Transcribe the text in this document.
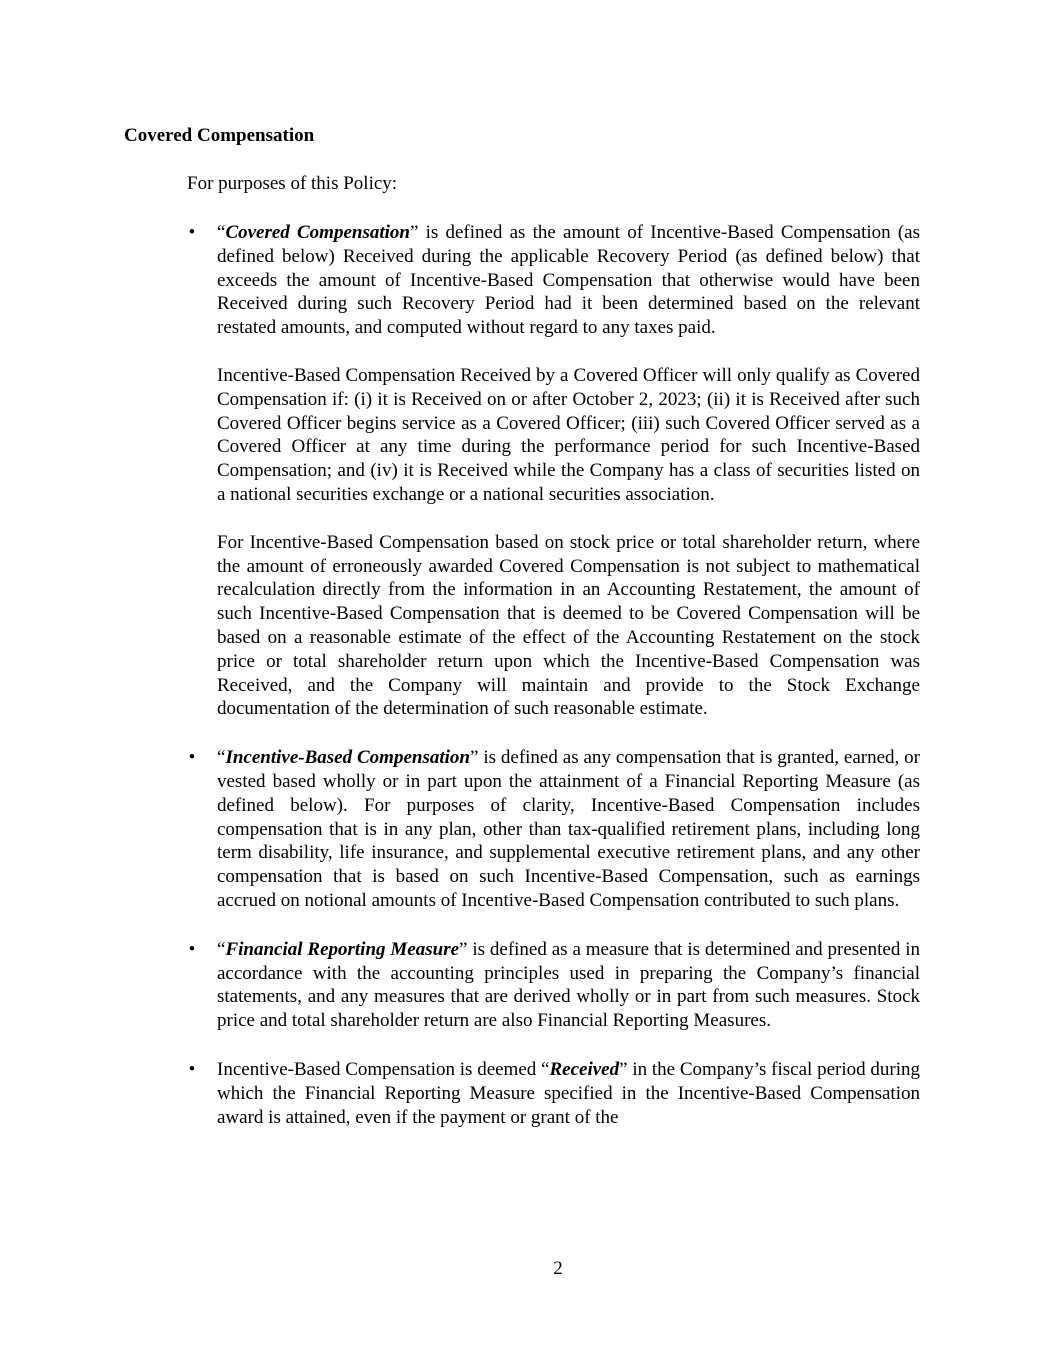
Covered Compensation

For purposes of this Policy:

• “Covered Compensation” is defined as the amount of Incentive-Based Compensation (as defined below) Received during the applicable Recovery Period (as defined below) that exceeds the amount of Incentive-Based Compensation that otherwise would have been Received during such Recovery Period had it been determined based on the relevant restated amounts, and computed without regard to any taxes paid.

Incentive-Based Compensation Received by a Covered Officer will only qualify as Covered Compensation if: (i) it is Received on or after October 2, 2023; (ii) it is Received after such Covered Officer begins service as a Covered Officer; (iii) such Covered Officer served as a Covered Officer at any time during the performance period for such Incentive-Based Compensation; and (iv) it is Received while the Company has a class of securities listed on a national securities exchange or a national securities association.

For Incentive-Based Compensation based on stock price or total shareholder return, where the amount of erroneously awarded Covered Compensation is not subject to mathematical recalculation directly from the information in an Accounting Restatement, the amount of such Incentive-Based Compensation that is deemed to be Covered Compensation will be based on a reasonable estimate of the effect of the Accounting Restatement on the stock price or total shareholder return upon which the Incentive-Based Compensation was Received, and the Company will maintain and provide to the Stock Exchange documentation of the determination of such reasonable estimate.

• “Incentive-Based Compensation” is defined as any compensation that is granted, earned, or vested based wholly or in part upon the attainment of a Financial Reporting Measure (as defined below). For purposes of clarity, Incentive-Based Compensation includes compensation that is in any plan, other than tax-qualified retirement plans, including long term disability, life insurance, and supplemental executive retirement plans, and any other compensation that is based on such Incentive-Based Compensation, such as earnings accrued on notional amounts of Incentive-Based Compensation contributed to such plans.

• “Financial Reporting Measure” is defined as a measure that is determined and presented in accordance with the accounting principles used in preparing the Company’s financial statements, and any measures that are derived wholly or in part from such measures. Stock price and total shareholder return are also Financial Reporting Measures.

• Incentive-Based Compensation is deemed “Received” in the Company’s fiscal period during which the Financial Reporting Measure specified in the Incentive-Based Compensation award is attained, even if the payment or grant of the

2
